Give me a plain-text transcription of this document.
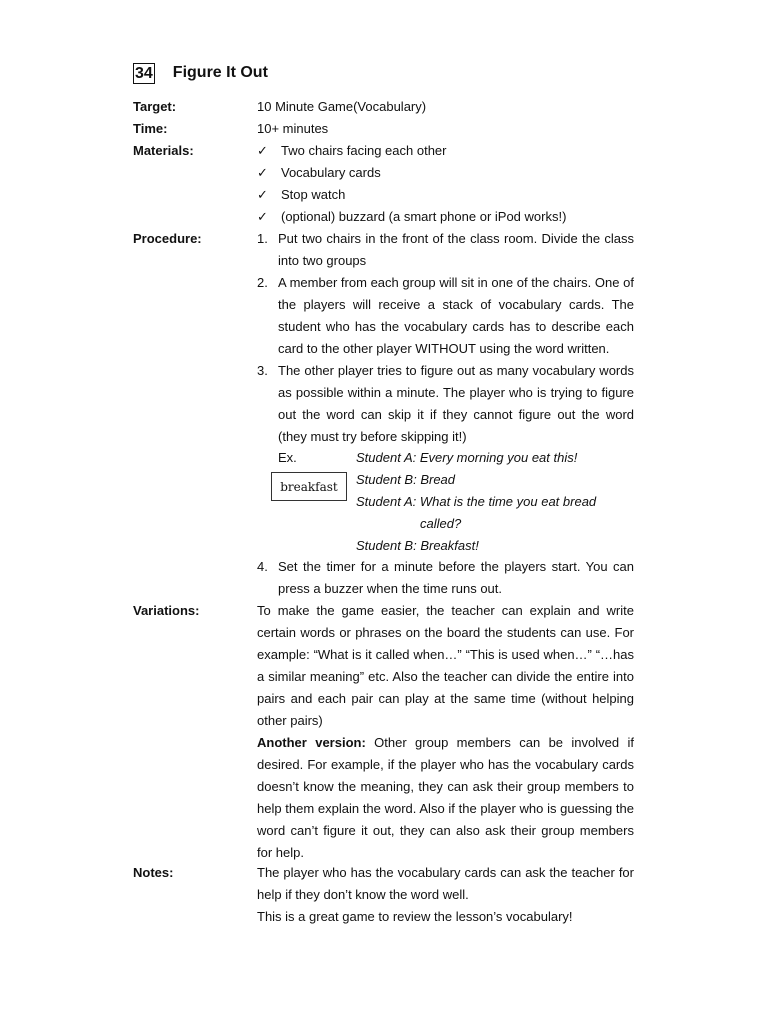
34 Figure It Out
Target:	10 Minute Game(Vocabulary)
Time:	10+ minutes
Materials:	✓	Two chairs facing each other
✓	Vocabulary cards
✓	Stop watch
✓	(optional) buzzard (a smart phone or iPod works!)
Procedure:	1. Put two chairs in the front of the class room. Divide the class into two groups
2. A member from each group will sit in one of the chairs. One of the players will receive a stack of vocabulary cards. The student who has the vocabulary cards has to describe each card to the other player WITHOUT using the word written.
3. The other player tries to figure out as many vocabulary words as possible within a minute. The player who is trying to figure out the word can skip it if they cannot figure out the word (they must try before skipping it!)
Ex.
breakfast
Student A: Every morning you eat this!
Student B: Bread
Student A: What is the time you eat bread
called?
Student B: Breakfast!
4. Set the timer for a minute before the players start. You can press a buzzer when the time runs out.
Variations:	To make the game easier, the teacher can explain and write certain words or phrases on the board the students can use. For example: “What is it called when…” “This is used when…” “…has a similar meaning” etc. Also the teacher can divide the entire into pairs and each pair can play at the same time (without helping other pairs)
Another version: Other group members can be involved if desired. For example, if the player who has the vocabulary cards doesn’t know the meaning, they can ask their group members to help them explain the word. Also if the player who is guessing the word can’t figure it out, they can also ask their group members for help.
Notes:	The player who has the vocabulary cards can ask the teacher for help if they don’t know the word well.
This is a great game to review the lesson’s vocabulary!
